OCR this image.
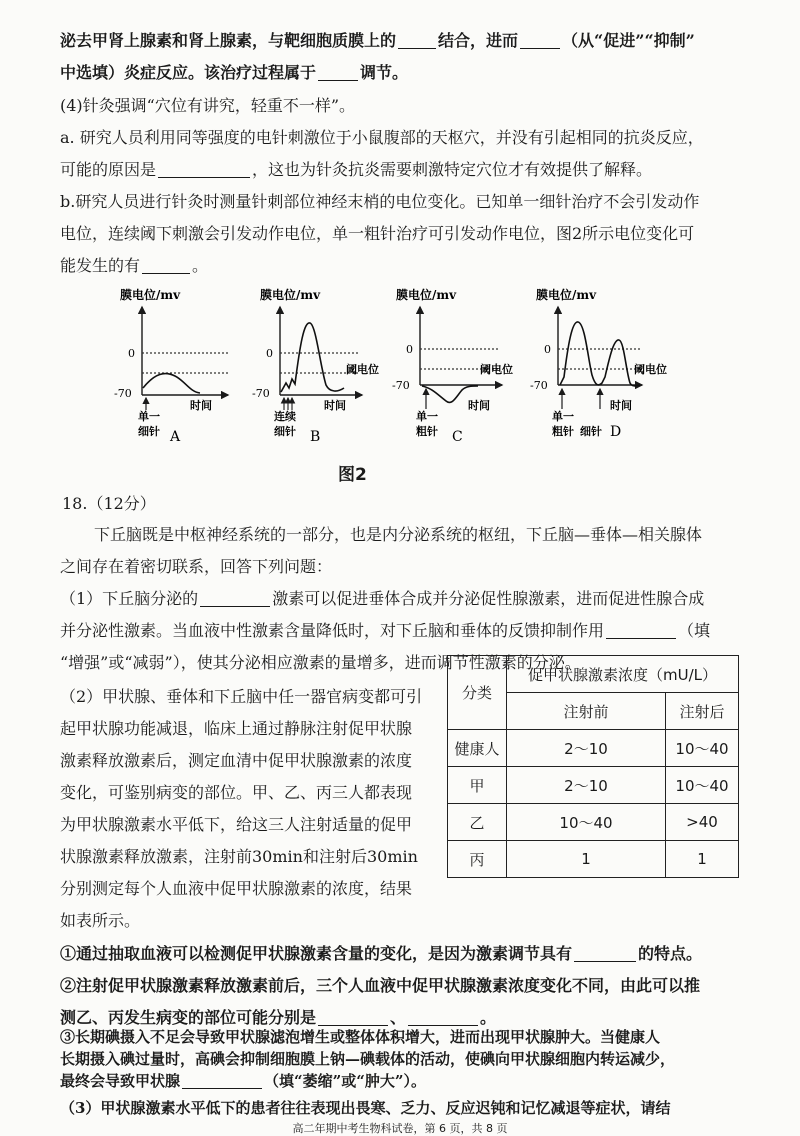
泌去甲肾上腺素和肾上腺素，与靶细胞质膜上的	结合，进而	（从“促进”“抑制”
中选填）炎症反应。该治疗过程属于	调节。
(4)针灸强调“穴位有讲究，轻重不一样”。
a. 研究人员利用同等强度的电针刺激位于小鼠腹部的天枢穴，并没有引起相同的抗炎反应，
可能的原因是	，这也为针灸抗炎需要刺激特定穴位才有效提供了解释。
b.研究人员进行针灸时测量针刺部位神经末梢的电位变化。已知单一细针治疗不会引发动作
电位，连续阈下刺激会引发动作电位，单一粗针治疗可引发动作电位，图2所示电位变化可
能发生的有	。
膜电位/mv
0
-70
时间
单一
细针 A
膜电位/mv
0
-70
时间
连续
细针 B
阈电位
膜电位/mv
0
-70
时间
单一
粗针 C
阈电位
膜电位/mv
0
-70
时间
单一
粗针 细针 D
阈电位
图2
18.（12分）
下丘脑既是中枢神经系统的一部分，也是内分泌系统的枢纽，下丘脑—垂体—相关腺体
之间存在着密切联系，回答下列问题：
（1）下丘脑分泌的	激素可以促进垂体合成并分泌促性腺激素，进而促进性腺合成
并分泌性激素。当血液中性激素含量降低时，对下丘脑和垂体的反馈抑制作用	（填
“增强”或“减弱”），使其分泌相应激素的量增多，进而调节性激素的分泌。
（2）甲状腺、垂体和下丘脑中任一器官病变都可引
起甲状腺功能减退，临床上通过静脉注射促甲状腺
激素释放激素后，测定血清中促甲状腺激素的浓度
变化，可鉴别病变的部位。甲、乙、丙三人都表现
为甲状腺激素水平低下，给这三人注射适量的促甲
状腺激素释放激素，注射前30min和注射后30min
分别测定每个人血液中促甲状腺激素的浓度，结果
如表所示。
分类	促甲状腺激素浓度（mU/L）	
	注射前	注射后
健康人	2～10	10～40
甲	2～10	10～40
乙	10～40	>40
丙	1	1
①通过抽取血液可以检测促甲状腺激素含量的变化，是因为激素调节具有	的特点。
②注射促甲状腺激素释放激素前后，三个人血液中促甲状腺激素浓度变化不同，由此可以推
测乙、丙发生病变的部位可能分别是	、	。
高二年期中考生物科试卷，第 6 页，共 8 页
③长期碘摄入不足会导致甲状腺滤泡增生或整体体积增大，进而出现甲状腺肿大。当健康人
长期摄入碘过量时，高碘会抑制细胞膜上钠—碘载体的活动，使碘向甲状腺细胞内转运减少，
最终会导致甲状腺	（填“萎缩”或“肿大”）。
（3）甲状腺激素水平低下的患者往往表现出畏寒、乏力、反应迟钝和记忆减退等症状，请结
